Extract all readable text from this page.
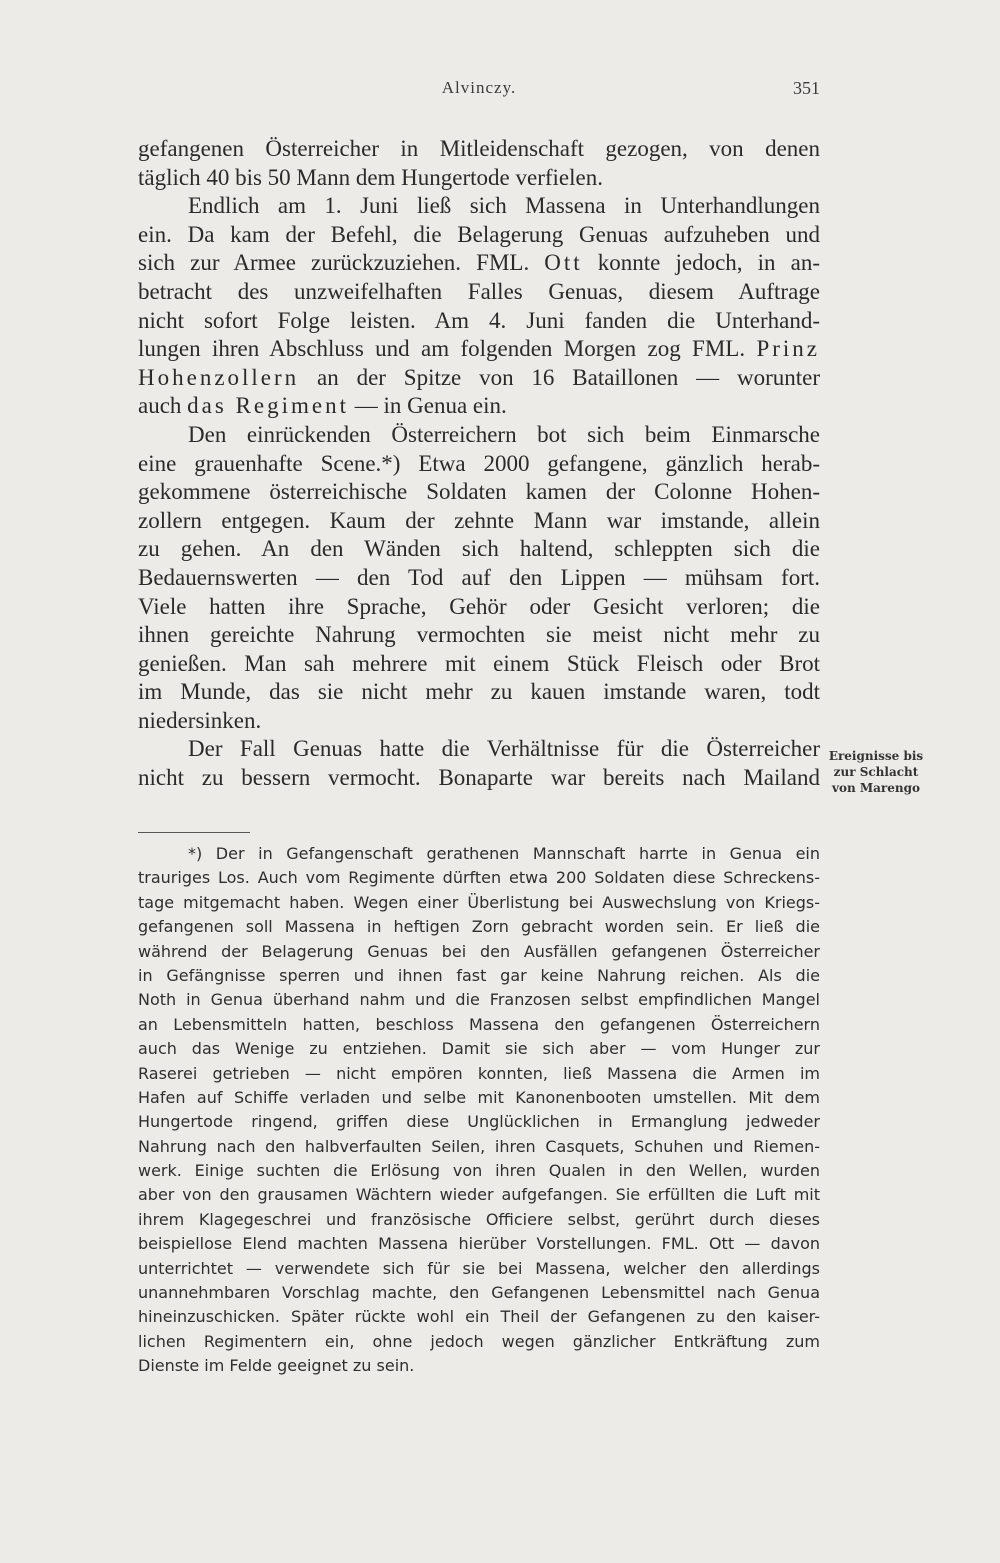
Alvinczy.	351
gefangenen Österreicher in Mitleidenschaft gezogen, von denen
täglich 40 bis 50 Mann dem Hungertode verfielen.
Endlich am 1. Juni ließ sich Massena in Unterhandlungen
ein. Da kam der Befehl, die Belagerung Genuas aufzuheben und
sich zur Armee zurückzuziehen. FML. Ott konnte jedoch, in an-
betracht des unzweifelhaften Falles Genuas, diesem Auftrage
nicht sofort Folge leisten. Am 4. Juni fanden die Unterhand-
lungen ihren Abschluss und am folgenden Morgen zog FML. Prinz
Hohenzollern an der Spitze von 16 Bataillonen — worunter
auch das Regiment — in Genua ein.
Den einrückenden Österreichern bot sich beim Einmarsche
eine grauenhafte Scene.*) Etwa 2000 gefangene, gänzlich herab-
gekommene österreichische Soldaten kamen der Colonne Hohen-
zollern entgegen. Kaum der zehnte Mann war imstande, allein
zu gehen. An den Wänden sich haltend, schleppten sich die
Bedauernswerten — den Tod auf den Lippen — mühsam fort.
Viele hatten ihre Sprache, Gehör oder Gesicht verloren; die
ihnen gereichte Nahrung vermochten sie meist nicht mehr zu
genießen. Man sah mehrere mit einem Stück Fleisch oder Brot
im Munde, das sie nicht mehr zu kauen imstande waren, todt
niedersinken.
Der Fall Genuas hatte die Verhältnisse für die Österreicher
nicht zu bessern vermocht. Bonaparte war bereits nach Mailand
Ereignisse bis
zur Schlacht
von Marengo
*) Der in Gefangenschaft gerathenen Mannschaft harrte in Genua ein
trauriges Los. Auch vom Regimente dürften etwa 200 Soldaten diese Schreckens-
tage mitgemacht haben. Wegen einer Überlistung bei Auswechslung von Kriegs-
gefangenen soll Massena in heftigen Zorn gebracht worden sein. Er ließ die
während der Belagerung Genuas bei den Ausfällen gefangenen Österreicher
in Gefängnisse sperren und ihnen fast gar keine Nahrung reichen. Als die
Noth in Genua überhand nahm und die Franzosen selbst empfindlichen Mangel
an Lebensmitteln hatten, beschloss Massena den gefangenen Österreichern
auch das Wenige zu entziehen. Damit sie sich aber — vom Hunger zur
Raserei getrieben — nicht empören konnten, ließ Massena die Armen im
Hafen auf Schiffe verladen und selbe mit Kanonenbooten umstellen. Mit dem
Hungertode ringend, griffen diese Unglücklichen in Ermanglung jedweder
Nahrung nach den halbverfaulten Seilen, ihren Casquets, Schuhen und Riemen-
werk. Einige suchten die Erlösung von ihren Qualen in den Wellen, wurden
aber von den grausamen Wächtern wieder aufgefangen. Sie erfüllten die Luft mit
ihrem Klagegeschrei und französische Officiere selbst, gerührt durch dieses
beispiellose Elend machten Massena hierüber Vorstellungen. FML. Ott — davon
unterrichtet — verwendete sich für sie bei Massena, welcher den allerdings
unannehmbaren Vorschlag machte, den Gefangenen Lebensmittel nach Genua
hineinzuschicken. Später rückte wohl ein Theil der Gefangenen zu den kaiser-
lichen Regimentern ein, ohne jedoch wegen gänzlicher Entkräftung zum
Dienste im Felde geeignet zu sein.
